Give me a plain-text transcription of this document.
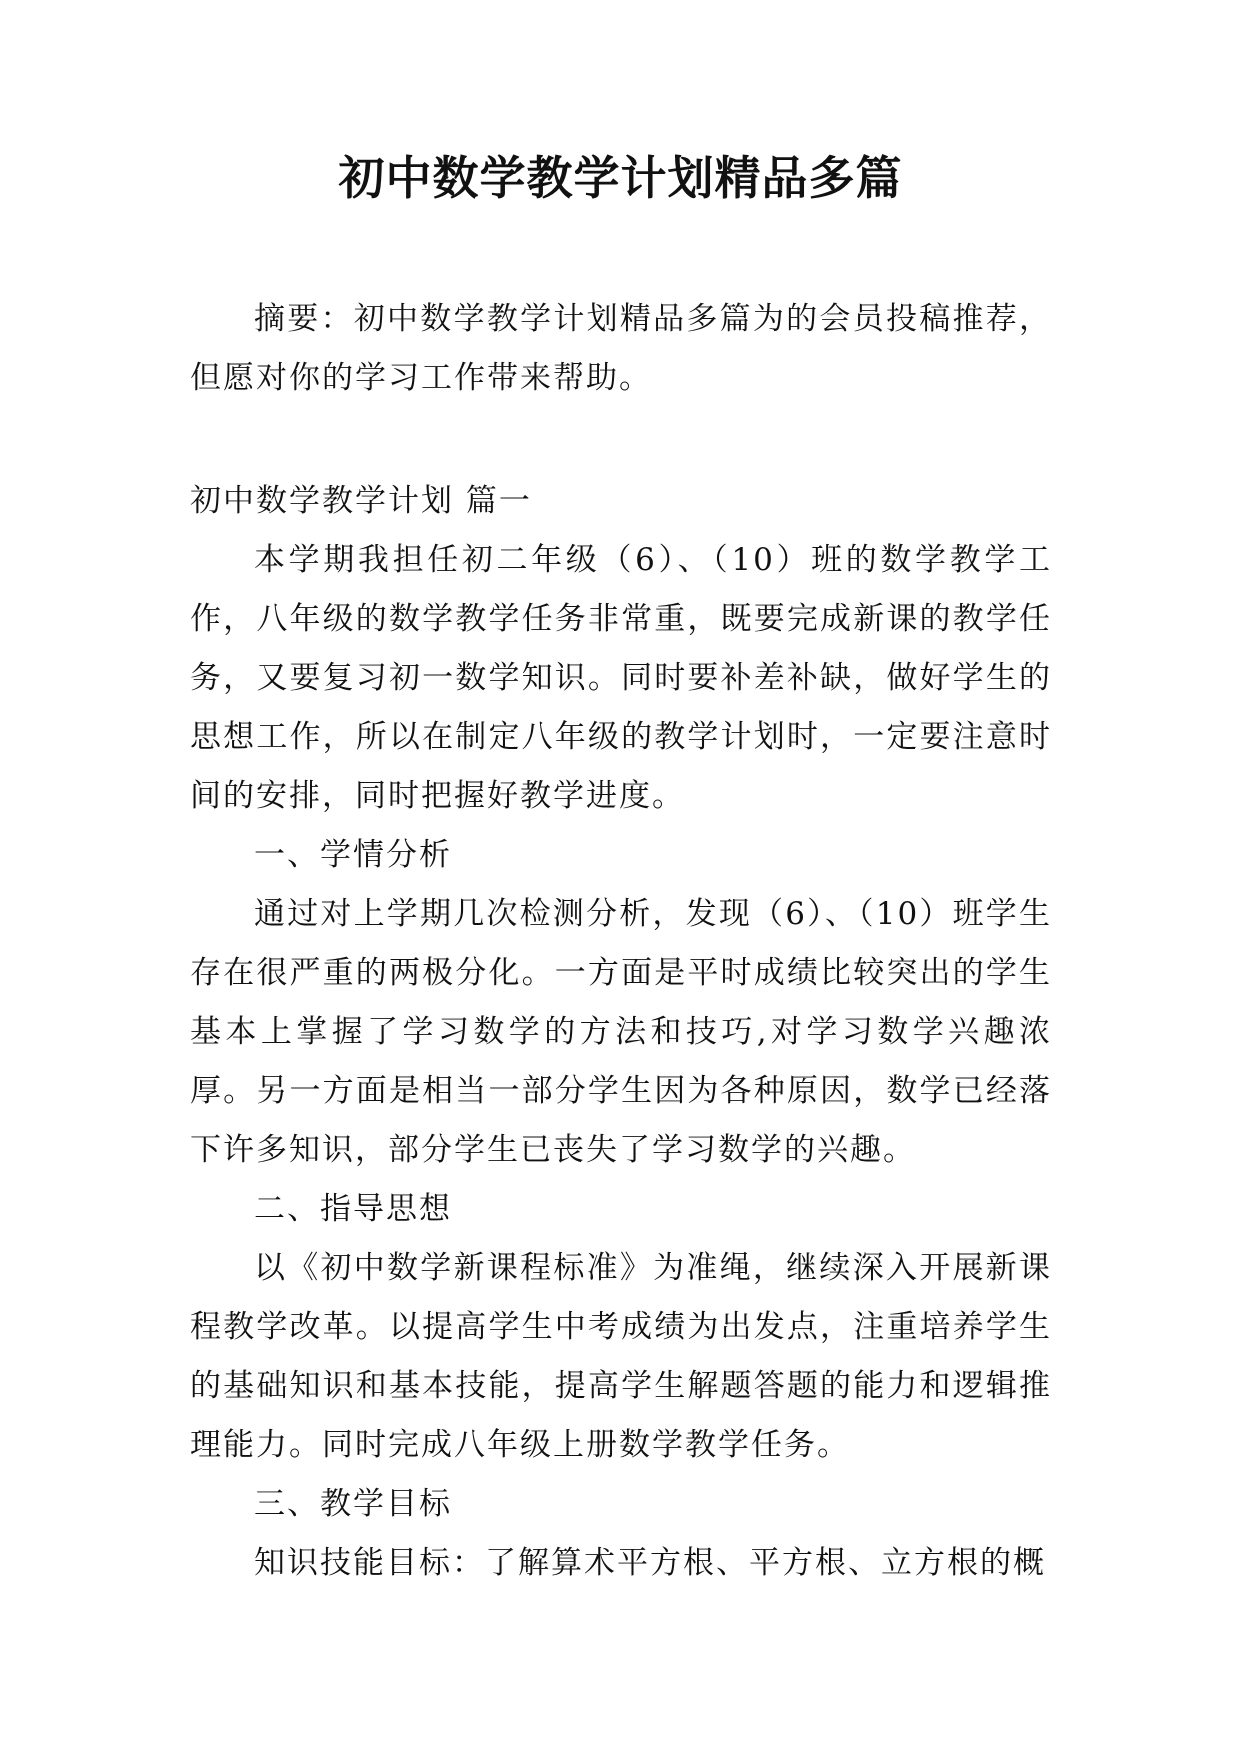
初中数学教学计划精品多篇

摘要：初中数学教学计划精品多篇为的会员投稿推荐，但愿对你的学习工作带来帮助。

初中数学教学计划 篇一

本学期我担任初二年级（6）、（10）班的数学教学工作，八年级的数学教学任务非常重，既要完成新课的教学任务，又要复习初一数学知识。同时要补差补缺，做好学生的思想工作，所以在制定八年级的教学计划时，一定要注意时间的安排，同时把握好教学进度。

一、学情分析

通过对上学期几次检测分析，发现（6）、（10）班学生存在很严重的两极分化。一方面是平时成绩比较突出的学生基本上掌握了学习数学的方法和技巧,对学习数学兴趣浓厚。另一方面是相当一部分学生因为各种原因，数学已经落下许多知识，部分学生已丧失了学习数学的兴趣。

二、指导思想

以《初中数学新课程标准》为准绳，继续深入开展新课程教学改革。以提高学生中考成绩为出发点，注重培养学生的基础知识和基本技能，提高学生解题答题的能力和逻辑推理能力。同时完成八年级上册数学教学任务。

三、教学目标

知识技能目标：了解算术平方根、平方根、立方根的概
